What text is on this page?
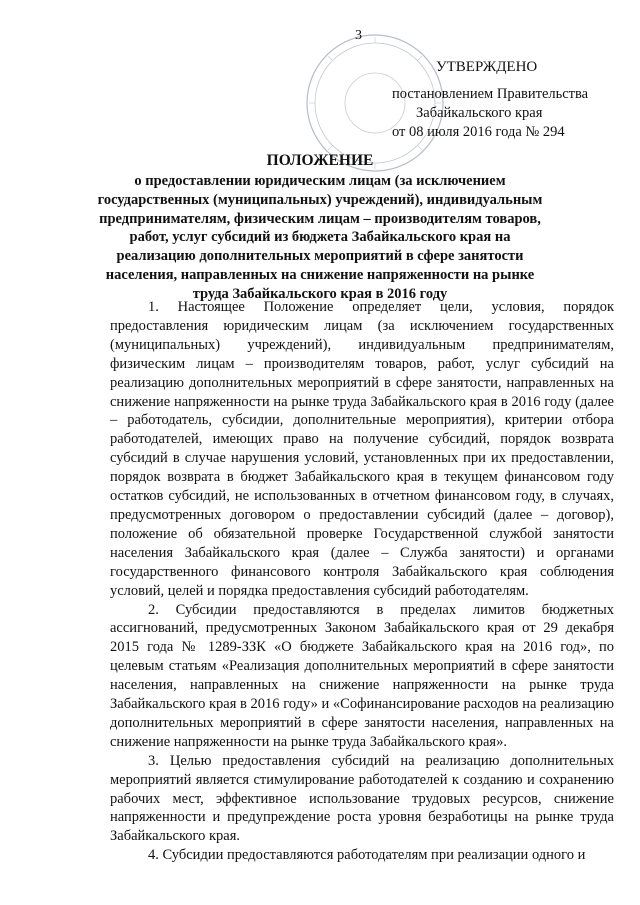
3
УТВЕРЖДЕНО
постановлением Правительства
Забайкальского края
от 08 июля 2016 года № 294
ПОЛОЖЕНИЕ
о предоставлении юридическим лицам (за исключением государственных (муниципальных) учреждений), индивидуальным предпринимателям, физическим лицам – производителям товаров, работ, услуг субсидий из бюджета Забайкальского края на реализацию дополнительных мероприятий в сфере занятости населения, направленных на снижение напряженности на рынке труда Забайкальского края в 2016 году

1. Настоящее Положение определяет цели, условия, порядок предоставления юридическим лицам (за исключением государственных (муниципальных) учреждений), индивидуальным предпринимателям, физическим лицам – производителям товаров, работ, услуг субсидий на реализацию дополнительных мероприятий в сфере занятости, направленных на снижение напряженности на рынке труда Забайкальского края в 2016 году (далее – работодатель, субсидии, дополнительные мероприятия), критерии отбора работодателей, имеющих право на получение субсидий, порядок возврата субсидий в случае нарушения условий, установленных при их предоставлении, порядок возврата в бюджет Забайкальского края в текущем финансовом году остатков субсидий, не использованных в отчетном финансовом году, в случаях, предусмотренных договором о предоставлении субсидий (далее – договор), положение об обязательной проверке Государственной службой занятости населения Забайкальского края (далее – Служба занятости) и органами государственного финансового контроля Забайкальского края соблюдения условий, целей и порядка предоставления субсидий работодателям.

2. Субсидии предоставляются в пределах лимитов бюджетных ассигнований, предусмотренных Законом Забайкальского края от 29 декабря 2015 года № 1289-ЗЗК «О бюджете Забайкальского края на 2016 год», по целевым статьям «Реализация дополнительных мероприятий в сфере занятости населения, направленных на снижение напряженности на рынке труда Забайкальского края в 2016 году» и «Софинансирование расходов на реализацию дополнительных мероприятий в сфере занятости населения, направленных на снижение напряженности на рынке труда Забайкальского края».

3. Целью предоставления субсидий на реализацию дополнительных мероприятий является стимулирование работодателей к созданию и сохранению рабочих мест, эффективное использование трудовых ресурсов, снижение напряженности и предупреждение роста уровня безработицы на рынке труда Забайкальского края.

4. Субсидии предоставляются работодателям при реализации одного и
